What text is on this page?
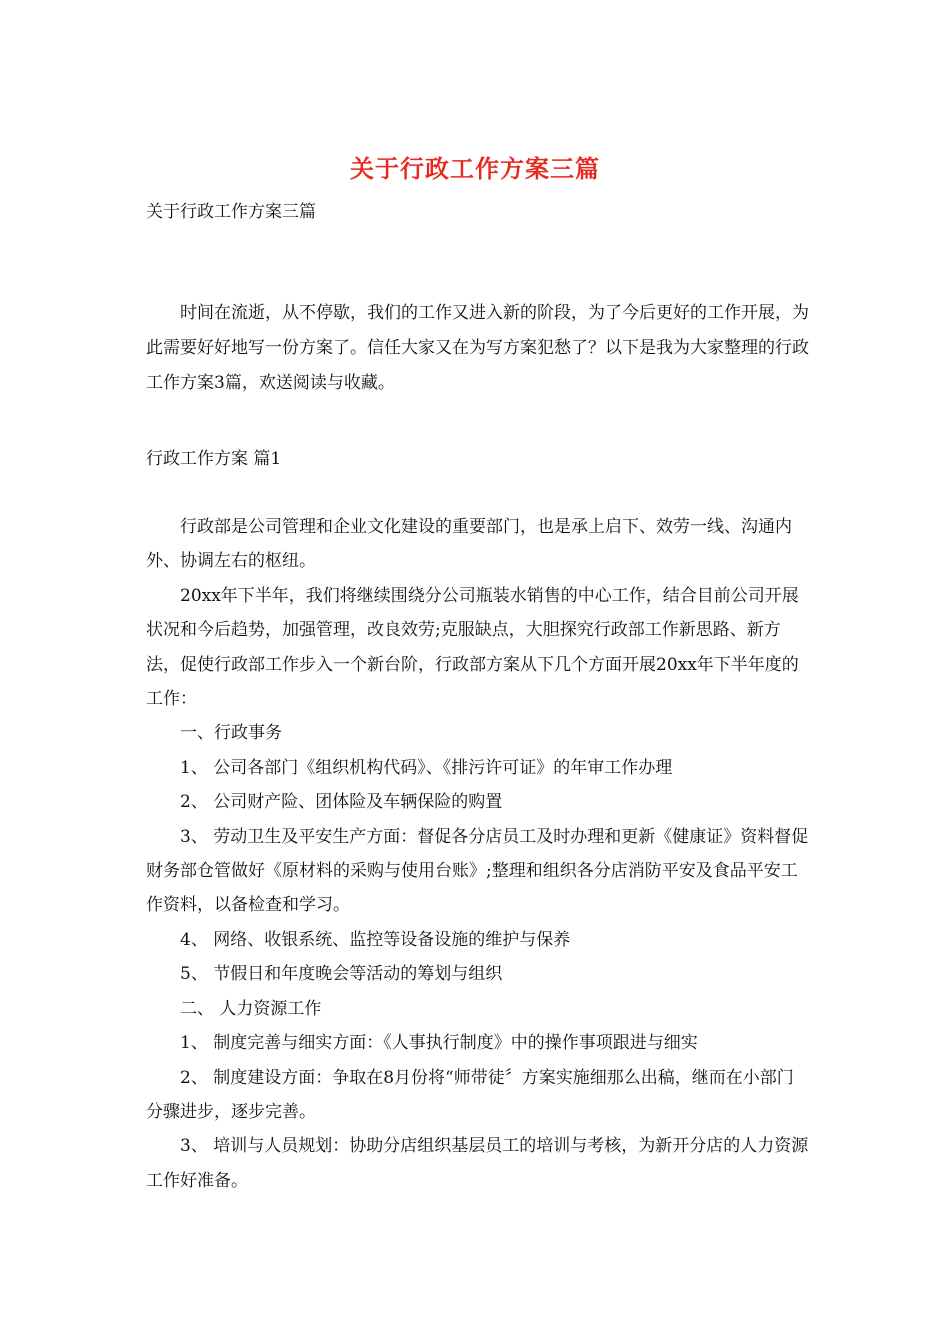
关于行政工作方案三篇
关于行政工作方案三篇

时间在流逝，从不停歇，我们的工作又进入新的阶段，为了今后更好的工作开展，为此需要好好地写一份方案了。信任大家又在为写方案犯愁了？以下是我为大家整理的行政工作方案3篇，欢送阅读与收藏。

行政工作方案 篇1

行政部是公司管理和企业文化建设的重要部门，也是承上启下、效劳一线、沟通内外、协调左右的枢纽。

20xx年下半年，我们将继续围绕分公司瓶装水销售的中心工作，结合目前公司开展状况和今后趋势，加强管理，改良效劳;克服缺点，大胆探究行政部工作新思路、新方法，促使行政部工作步入一个新台阶，行政部方案从下几个方面开展20xx年下半年度的工作：

一、行政事务

1、 公司各部门《组织机构代码》、《排污许可证》的年审工作办理

2、 公司财产险、团体险及车辆保险的购置

3、 劳动卫生及平安生产方面：督促各分店员工及时办理和更新《健康证》资料督促财务部仓管做好《原材料的采购与使用台账》;整理和组织各分店消防平安及食品平安工作资料，以备检查和学习。

4、 网络、收银系统、监控等设备设施的维护与保养

5、 节假日和年度晚会等活动的筹划与组织

二、 人力资源工作

1、 制度完善与细实方面：《人事执行制度》中的操作事项跟进与细实

2、 制度建设方面：争取在8月份将“师带徒〞方案实施细那么出稿，继而在小部门分骤进步，逐步完善。

3、 培训与人员规划：协助分店组织基层员工的培训与考核，为新开分店的人力资源工作好准备。
